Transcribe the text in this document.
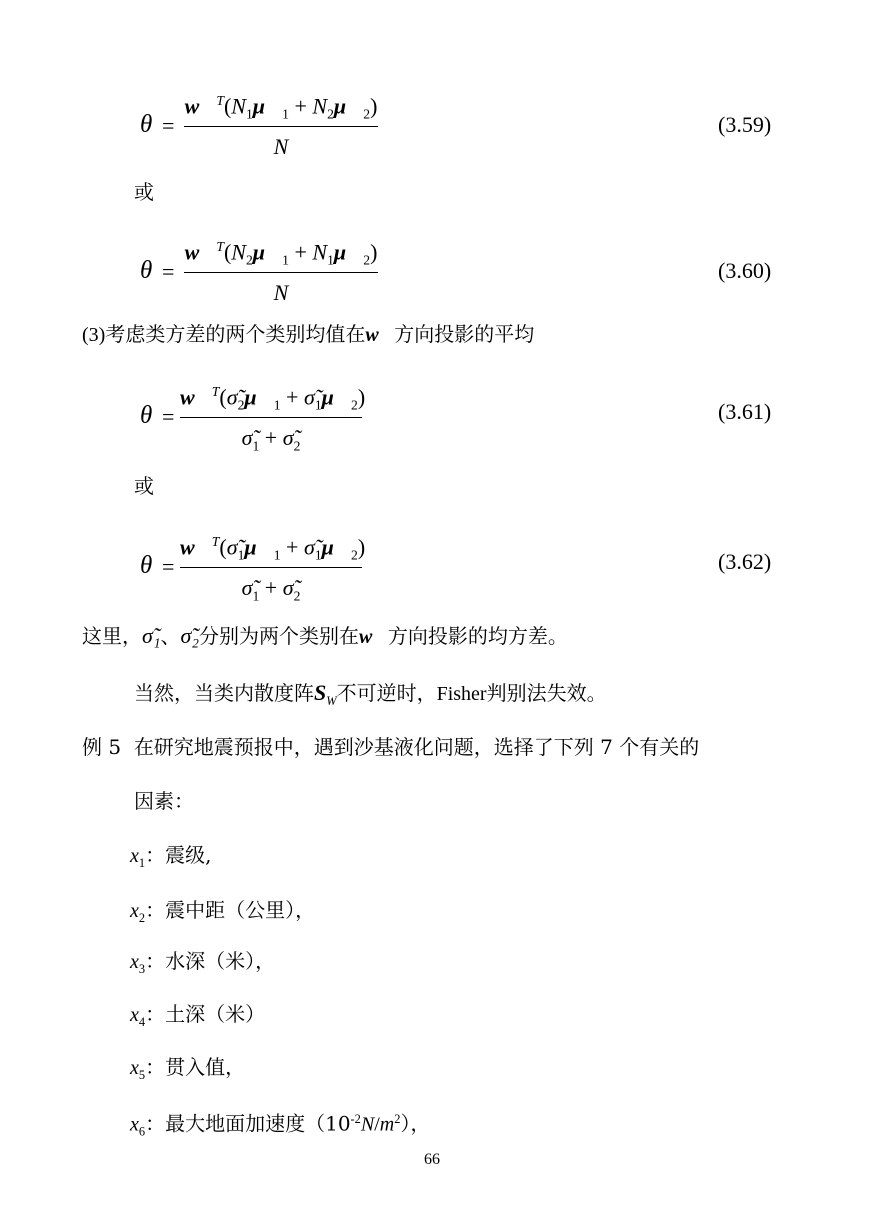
θ =
$w⃗^T(N_1\mu⃗_1$ + $N_2\mu⃗_2$)
N
(3.59)
或
θ =
$w⃗^T(N_2\mu⃗_1$ + $N_1\mu⃗_2$)
N
(3.60)
(3)考虑类方差的两个类别均值在w⃗方向投影的平均
θ =
$w⃗^T(\sigmã_2\mu⃗_1$ + $\sigmã_1\mu⃗_2$)
$\sigmã_1$ + $\sigmã_2$
(3.61)
或
θ =
$w⃗^T(\sigmã_1\mu⃗_1$ + $\sigmã_1\mu⃗_2$)
$\sigmã_1$ + $\sigmã_2$
(3.62)
这里，σ̃₁、σ̃₂分别为两个类别在w⃗方向投影的均方差。
当然，当类内散度阵$S_W$不可逆时，Fisher判别法失效。
例 5 在研究地震预报中，遇到沙基液化问题，选择了下列 7 个有关的
因素：
$x_1$：震级,
$x_2$：震中距（公里），
$x_3$：水深（米），
$x_4$：土深（米）
$x_5$：贯入值，
$x_6$：最大地面加速度$(10^{-2}N/m^2)$，
66
